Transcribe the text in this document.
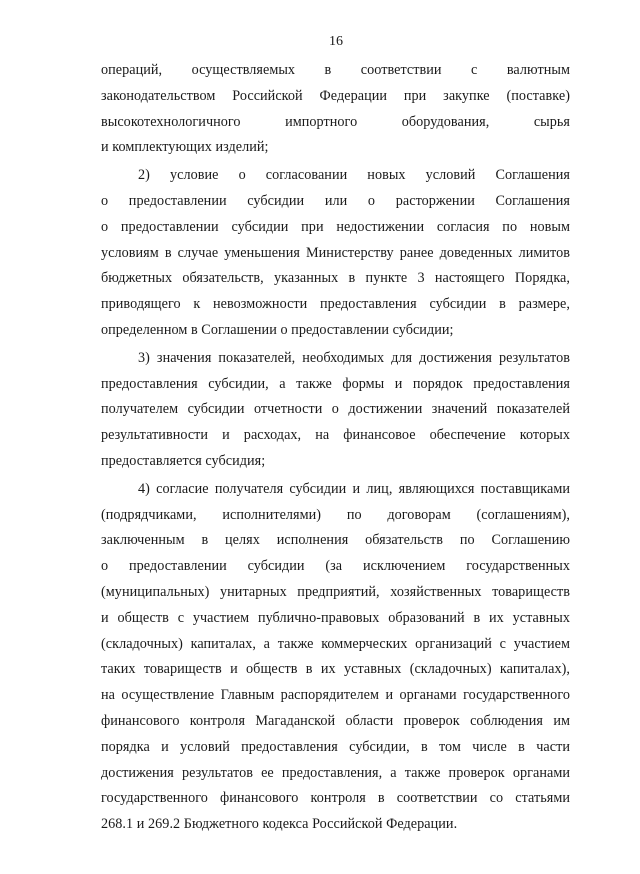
16
операций, осуществляемых в соответствии с валютным
законодательством Российской Федерации при закупке (поставке)
высокотехнологичного импортного оборудования, сырья
и комплектующих изделий;
2) условие о согласовании новых условий Соглашения
о предоставлении субсидии или о расторжении Соглашения
о предоставлении субсидии при недостижении согласия по новым
условиям в случае уменьшения Министерству ранее доведенных лимитов
бюджетных обязательств, указанных в пункте 3 настоящего Порядка,
приводящего к невозможности предоставления субсидии в размере,
определенном в Соглашении о предоставлении субсидии;
3) значения показателей, необходимых для достижения результатов
предоставления субсидии, а также формы и порядок предоставления
получателем субсидии отчетности о достижении значений показателей
результативности и расходах, на финансовое обеспечение которых
предоставляется субсидия;
4) согласие получателя субсидии и лиц, являющихся поставщиками
(подрядчиками, исполнителями) по договорам (соглашениям),
заключенным в целях исполнения обязательств по Соглашению
о предоставлении субсидии (за исключением государственных
(муниципальных) унитарных предприятий, хозяйственных товариществ
и обществ с участием публично-правовых образований в их уставных
(складочных) капиталах, а также коммерческих организаций с участием
таких товариществ и обществ в их уставных (складочных) капиталах),
на осуществление Главным распорядителем и органами государственного
финансового контроля Магаданской области проверок соблюдения им
порядка и условий предоставления субсидии, в том числе в части
достижения результатов ее предоставления, а также проверок органами
государственного финансового контроля в соответствии со статьями
268.1 и 269.2 Бюджетного кодекса Российской Федерации.
